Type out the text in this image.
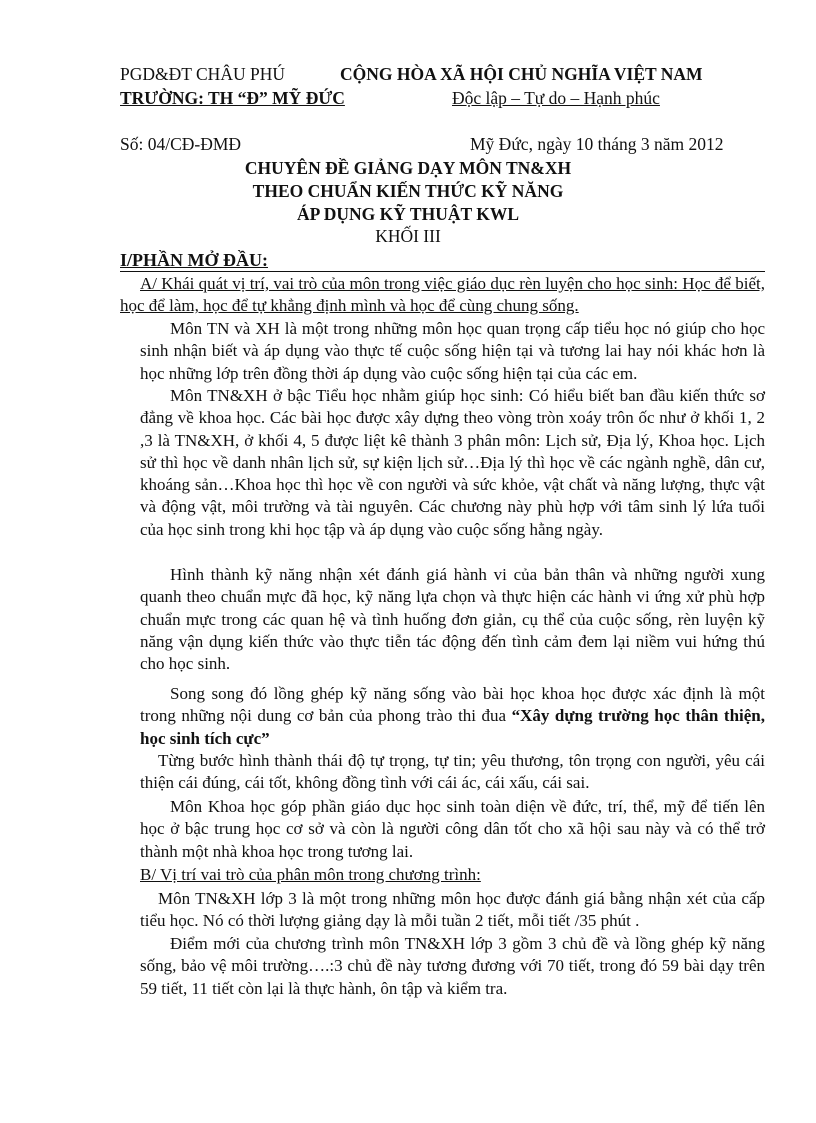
PGD&ĐT CHÂU PHÚ	CỘNG HÒA XÃ HỘI CHỦ NGHĨA VIỆT NAM
TRƯỜNG: TH “Đ” MỸ ĐỨC	Độc lập – Tự do – Hạnh phúc
Số: 04/CĐ-ĐMĐ	Mỹ Đức, ngày 10 tháng 3 năm 2012
CHUYÊN ĐỀ GIẢNG DẠY MÔN TN&XH
THEO CHUẨN KIẾN THỨC KỸ NĂNG
ÁP DỤNG KỸ THUẬT KWL
KHỐI III
I/PHẦN MỞ ĐẦU:
A/ Khái quát vị trí, vai trò của môn trong việc giáo dục rèn luyện cho học sinh: Học để biết, học để làm, học để tự khẳng định mình và học để cùng chung sống.
Môn TN và XH là một trong những môn học quan trọng cấp tiểu học nó giúp cho học sinh nhận biết và áp dụng vào thực tế cuộc sống hiện tại và tương lai hay nói khác hơn là học những lớp trên đồng thời áp dụng vào cuộc sống hiện tại của các em.
Môn TN&XH ở bậc Tiểu học nhằm giúp học sinh: Có hiểu biết ban đầu kiến thức sơ đẳng về khoa học. Các bài học được xây dựng theo vòng tròn xoáy trôn ốc như ở khối 1, 2 ,3 là TN&XH, ở khối 4, 5 được liệt kê thành 3 phân môn: Lịch sử, Địa lý, Khoa học. Lịch sử thì học về danh nhân lịch sử, sự kiện lịch sử…Địa lý thì học về các ngành nghề, dân cư, khoáng sản…Khoa học thì học về con người và sức khỏe, vật chất và năng lượng, thực vật và động vật, môi trường và tài nguyên. Các chương này phù hợp với tâm sinh lý lứa tuổi của học sinh trong khi học tập và áp dụng vào cuộc sống hằng ngày.
Hình thành kỹ năng nhận xét đánh giá hành vi của bản thân và những người xung quanh theo chuẩn mực đã học, kỹ năng lựa chọn và thực hiện các hành vi ứng xử phù hợp chuẩn mực trong các quan hệ và tình huống đơn giản, cụ thể của cuộc sống, rèn luyện kỹ năng vận dụng kiến thức vào thực tiễn tác động đến tình cảm đem lại niềm vui hứng thú cho học sinh.
Song song đó lồng ghép kỹ năng sống vào bài học khoa học được xác định là một trong những nội dung cơ bản của phong trào thi đua “Xây dựng trường học thân thiện, học sinh tích cực”
Từng bước hình thành thái độ tự trọng, tự tin; yêu thương, tôn trọng con người, yêu cái thiện cái đúng, cái tốt, không đồng tình với cái ác, cái xấu, cái sai.
Môn Khoa học góp phần giáo dục học sinh toàn diện về đức, trí, thể, mỹ để tiến lên học ở bậc trung học cơ sở và còn là người công dân tốt cho xã hội sau này và có thể trở thành một nhà khoa học trong tương lai.
B/ Vị trí vai trò của phân môn trong chương trình:
Môn TN&XH lớp 3 là một trong những môn học được đánh giá bằng nhận xét của cấp tiểu học. Nó có thời lượng giảng dạy là mỗi tuần 2 tiết, mỗi tiết /35 phút .
Điểm mới của chương trình môn TN&XH lớp 3 gồm 3 chủ đề và lồng ghép kỹ năng sống, bảo vệ môi trường….:3 chủ đề này tương đương với 70 tiết, trong đó 59 bài dạy trên 59 tiết, 11 tiết còn lại là thực hành, ôn tập và kiểm tra.
